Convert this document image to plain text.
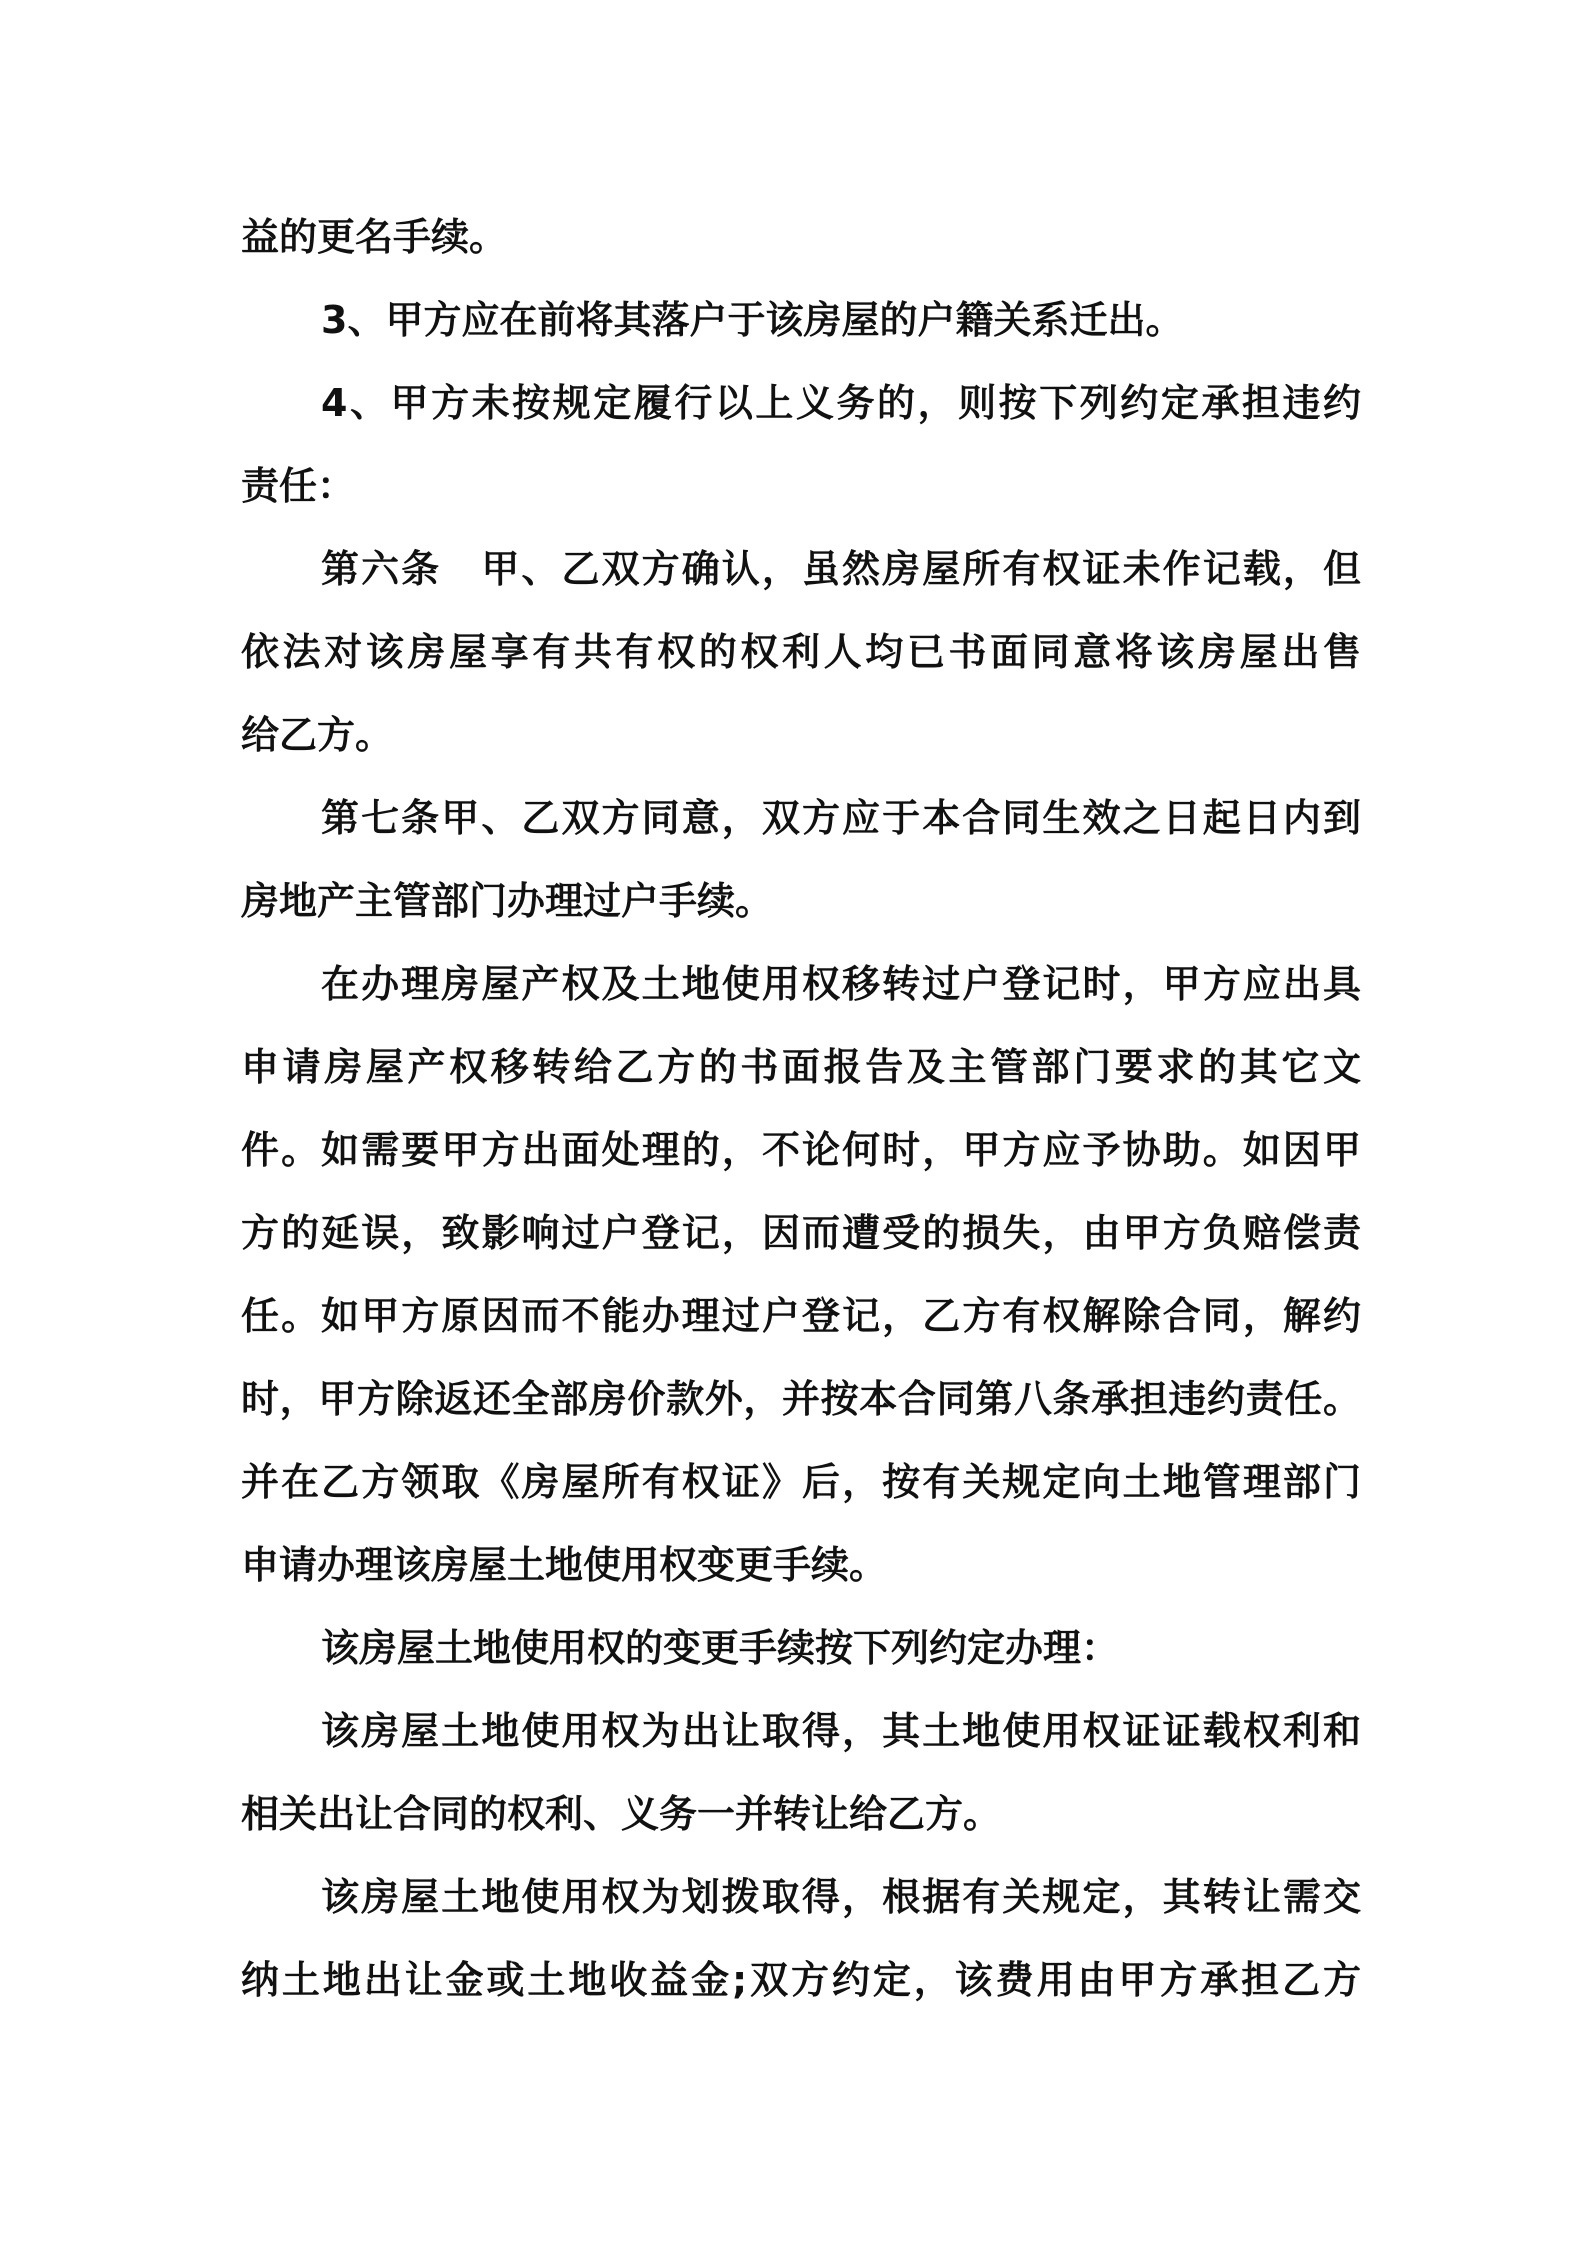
益的更名手续。
3、甲方应在前将其落户于该房屋的户籍关系迁出。
4、甲方未按规定履行以上义务的，则按下列约定承担违约
责任：
第六条　甲、乙双方确认，虽然房屋所有权证未作记载，但
依法对该房屋享有共有权的权利人均已书面同意将该房屋出售
给乙方。
第七条甲、乙双方同意，双方应于本合同生效之日起日内到
房地产主管部门办理过户手续。
在办理房屋产权及土地使用权移转过户登记时，甲方应出具
申请房屋产权移转给乙方的书面报告及主管部门要求的其它文
件。如需要甲方出面处理的，不论何时，甲方应予协助。如因甲
方的延误，致影响过户登记，因而遭受的损失，由甲方负赔偿责
任。如甲方原因而不能办理过户登记，乙方有权解除合同，解约
时，甲方除返还全部房价款外，并按本合同第八条承担违约责任。
并在乙方领取《房屋所有权证》后，按有关规定向土地管理部门
申请办理该房屋土地使用权变更手续。
该房屋土地使用权的变更手续按下列约定办理：
该房屋土地使用权为出让取得，其土地使用权证证载权利和
相关出让合同的权利、义务一并转让给乙方。
该房屋土地使用权为划拨取得，根据有关规定，其转让需交
纳土地出让金或土地收益金;双方约定，该费用由甲方承担乙方
